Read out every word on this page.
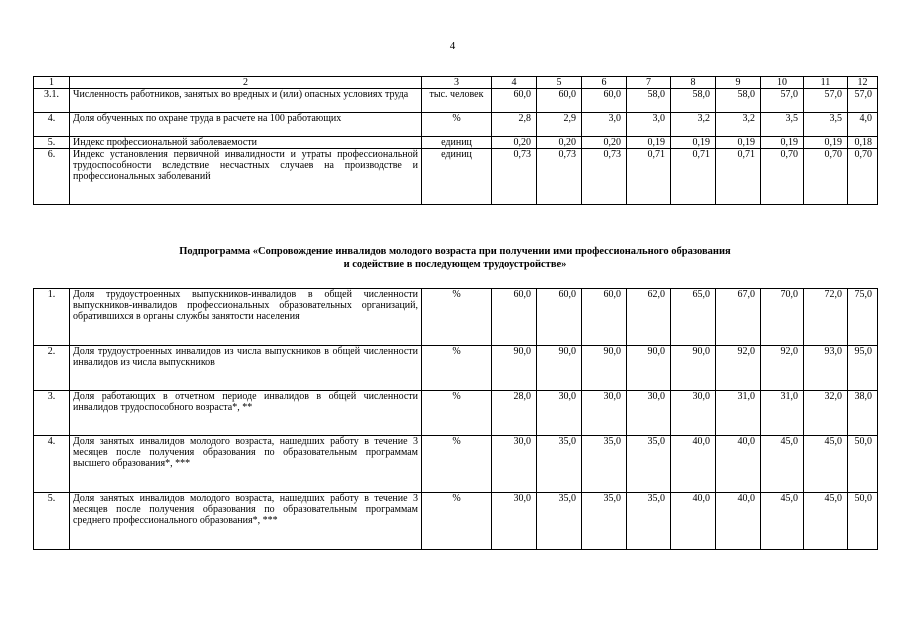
4
1	2	3	4	5	6	7	8	9	10	11	12
3.1.	Численность работников, занятых во вредных и (или) опасных условиях труда	тыс. человек	60,0	60,0	60,0	58,0	58,0	58,0	57,0	57,0	57,0
4.	Доля обученных по охране труда в расчете на 100 работающих	%	2,8	2,9	3,0	3,0	3,2	3,2	3,5	3,5	4,0
5.	Индекс профессиональной заболеваемости	единиц	0,20	0,20	0,20	0,19	0,19	0,19	0,19	0,19	0,18
6.	Индекс установления первичной инвалидности и утраты профессиональной трудоспособности вследствие несчастных случаев на производстве и профессиональных заболеваний	единиц	0,73	0,73	0,73	0,71	0,71	0,71	0,70	0,70	0,70
Подпрограмма «Сопровождение инвалидов молодого возраста при получении ими профессионального образования
и содействие в последующем трудоустройстве»
1.	Доля трудоустроенных выпускников-инвалидов в общей численности выпускников-инвалидов профессиональных образовательных организаций, обратившихся в органы службы занятости населения	%	60,0	60,0	60,0	62,0	65,0	67,0	70,0	72,0	75,0
2.	Доля трудоустроенных инвалидов из числа выпускников в общей численности инвалидов из числа выпускников	%	90,0	90,0	90,0	90,0	90,0	92,0	92,0	93,0	95,0
3.	Доля работающих в отчетном периоде инвалидов в общей численности инвалидов трудоспособного возраста*, **	%	28,0	30,0	30,0	30,0	30,0	31,0	31,0	32,0	38,0
4.	Доля занятых инвалидов молодого возраста, нашедших работу в течение 3 месяцев после получения образования по образовательным программам высшего образования*, ***	%	30,0	35,0	35,0	35,0	40,0	40,0	45,0	45,0	50,0
5.	Доля занятых инвалидов молодого возраста, нашедших работу в течение 3 месяцев после получения образования по образовательным программам среднего профессионального образования*, ***	%	30,0	35,0	35,0	35,0	40,0	40,0	45,0	45,0	50,0
